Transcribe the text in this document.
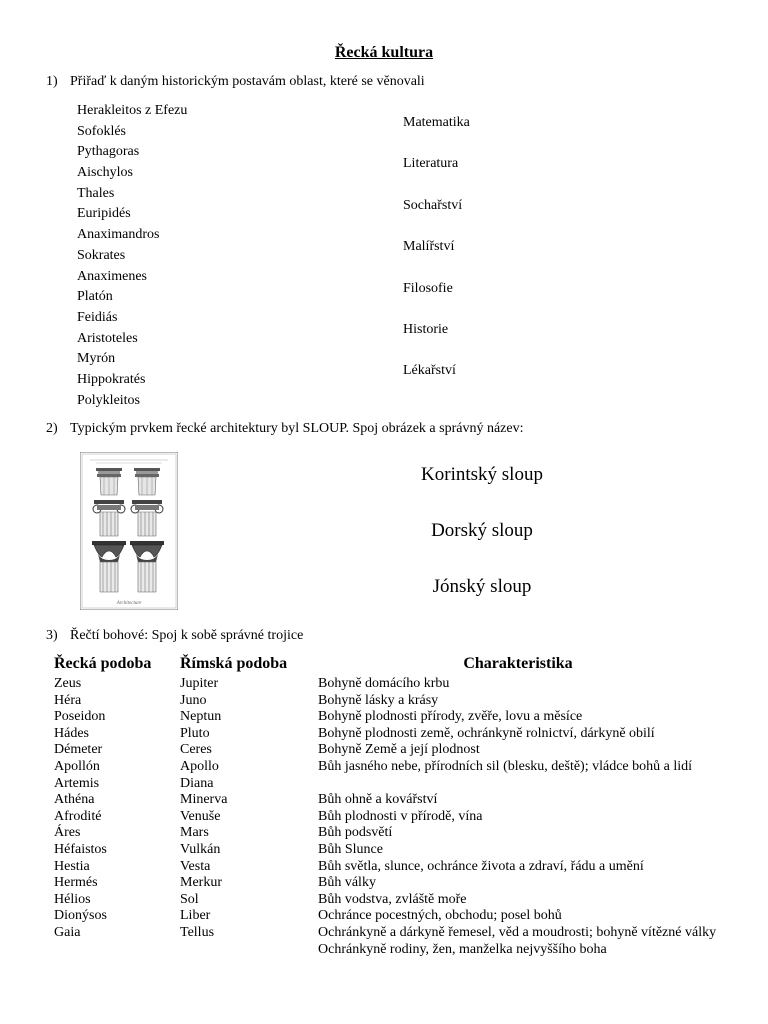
Řecká kultura
1) Přiřaď k daným historickým postavám oblast, které se věnovali
Herakleitos z Efezu
Sofoklés
Pythagoras
Aischylos
Thales
Euripidés
Anaximandros
Sokrates
Anaximenes
Platón
Feidiás
Aristoteles
Myrón
Hippokratés
Polykleitos
Matematika
Literatura
Sochařství
Malířství
Filosofie
Historie
Lékařství
2) Typickým prvkem řecké architektury byl SLOUP. Spoj obrázek a správný název:
Architecture
Korintský sloup
Dorský sloup
Jónský sloup
3) Řečtí bohové: Spoj k sobě správné trojice
Řecká podoba	Římská podoba	Charakteristika
Zeus	Jupiter	Bohyně domácího krbu
Héra	Juno	Bohyně lásky a krásy
Poseidon	Neptun	Bohyně plodnosti přírody, zvěře, lovu a měsíce
Hádes	Pluto	Bohyně plodnosti země, ochránkyně rolnictví, dárkyně obilí
Démeter	Ceres	Bohyně Země a její plodnost
Apollón	Apollo	Bůh jasného nebe, přírodních sil (blesku, deště); vládce bohů a lidí
Artemis	Diana	
Athéna	Minerva	Bůh ohně a kovářství
Afrodité	Venuše	Bůh plodnosti v přírodě, vína
Áres	Mars	Bůh podsvětí
Héfaistos	Vulkán	Bůh Slunce
Hestia	Vesta	Bůh světla, slunce, ochránce života a zdraví, řádu a umění
Hermés	Merkur	Bůh války
Hélios	Sol	Bůh vodstva, zvláště moře
Dionýsos	Liber	Ochránce pocestných, obchodu; posel bohů
Gaia	Tellus	Ochránkyně a dárkyně řemesel, věd a moudrosti; bohyně vítězné války

		Ochránkyně rodiny, žen, manželka nejvyššího boha
